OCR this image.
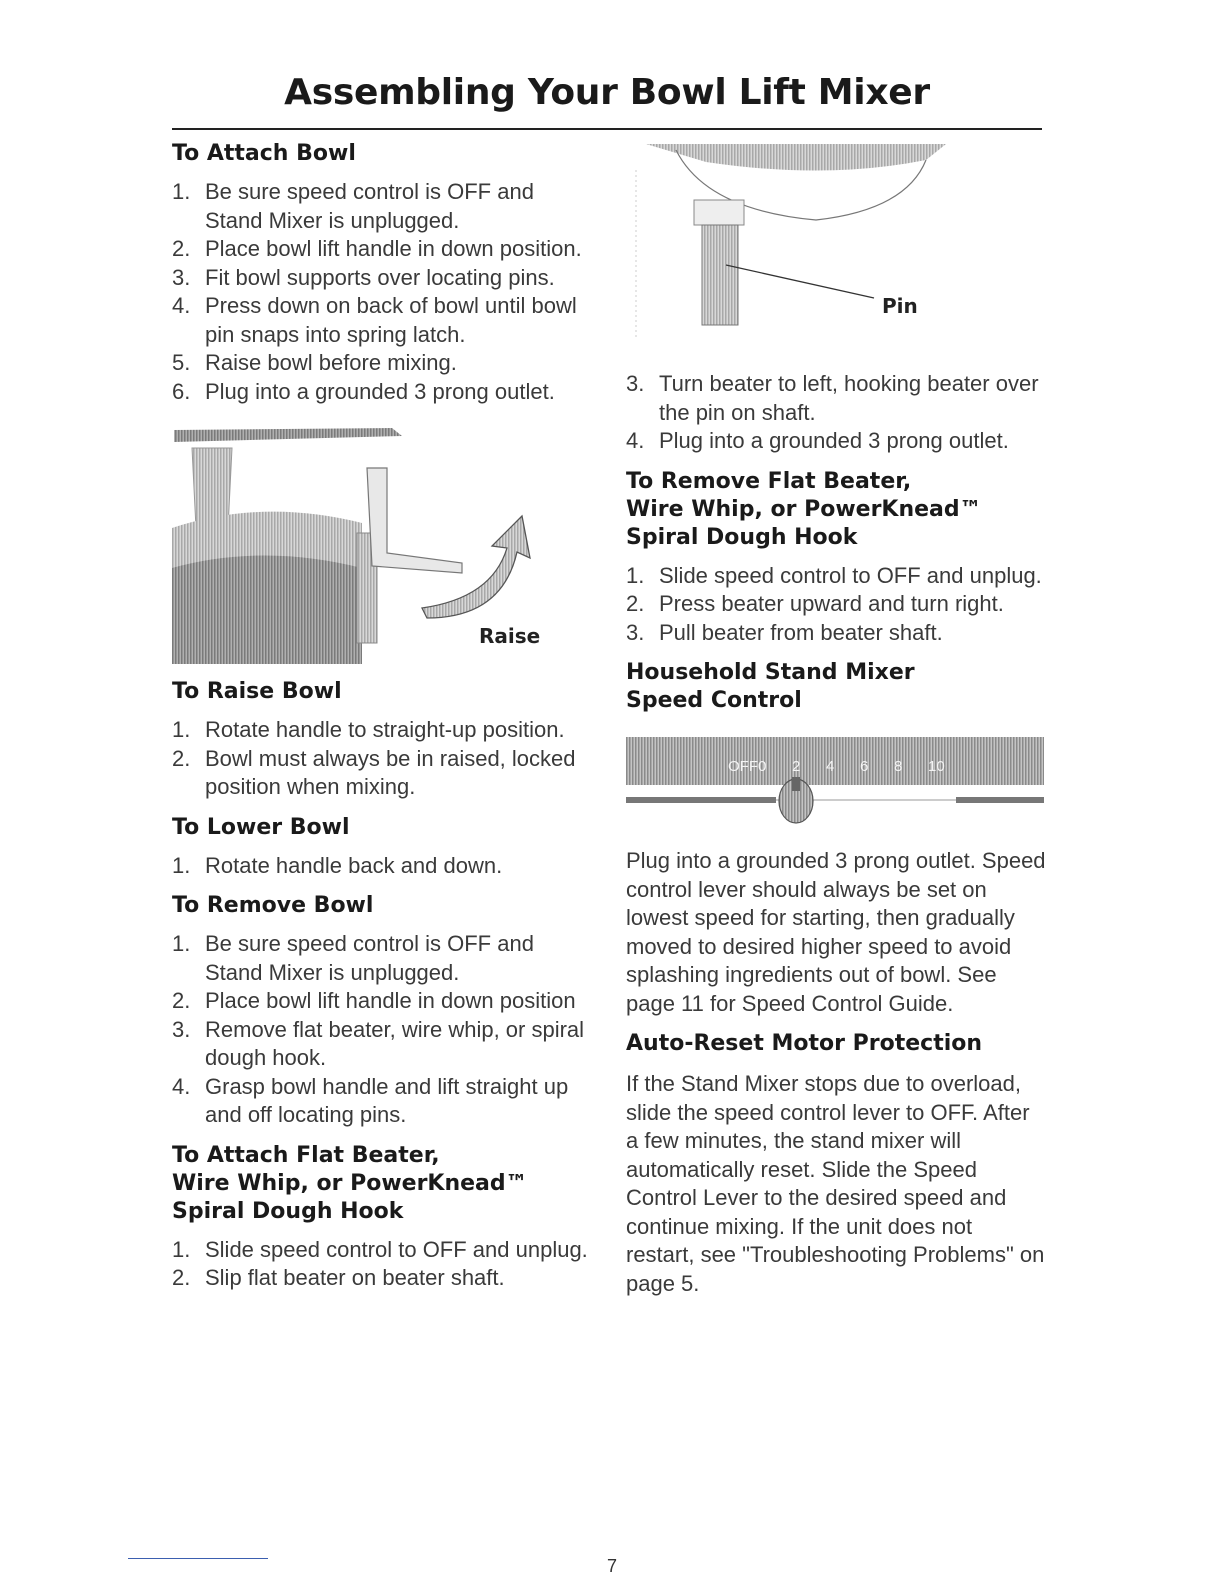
Assembling Your Bowl Lift Mixer
To Attach Bowl
1. Be sure speed control is OFF and Stand Mixer is unplugged.
2. Place bowl lift handle in down position.
3. Fit bowl supports over locating pins.
4. Press down on back of bowl until bowl pin snaps into spring latch.
5. Raise bowl before mixing.
6. Plug into a grounded 3 prong outlet.
Raise
To Raise Bowl
1. Rotate handle to straight-up position.
2. Bowl must always be in raised, locked position when mixing.
To Lower Bowl
1. Rotate handle back and down.
To Remove Bowl
1. Be sure speed control is OFF and Stand Mixer is unplugged.
2. Place bowl lift handle in down position
3. Remove flat beater, wire whip, or spiral dough hook.
4. Grasp bowl handle and lift straight up and off locating pins.
To Attach Flat Beater,
Wire Whip, or PowerKnead™
Spiral Dough Hook
1. Slide speed control to OFF and unplug.
2. Slip flat beater on beater shaft.
Pin
3. Turn beater to left, hooking beater over the pin on shaft.
4. Plug into a grounded 3 prong outlet.
To Remove Flat Beater,
Wire Whip, or PowerKnead™
Spiral Dough Hook
1. Slide speed control to OFF and unplug.
2. Press beater upward and turn right.
3. Pull beater from beater shaft.
Household Stand Mixer
Speed Control
OFF 0 2 4 6 8 10

Plug into a grounded 3 prong outlet. Speed control lever should always be set on lowest speed for starting, then gradually moved to desired higher speed to avoid splashing ingredients out of bowl. See page 11 for Speed Control Guide.

Auto-Reset Motor Protection

If the Stand Mixer stops due to overload, slide the speed control lever to OFF. After a few minutes, the stand mixer will automatically reset. Slide the Speed Control Lever to the desired speed and continue mixing. If the unit does not restart, see "Troubleshooting Problems" on page 5.

7
